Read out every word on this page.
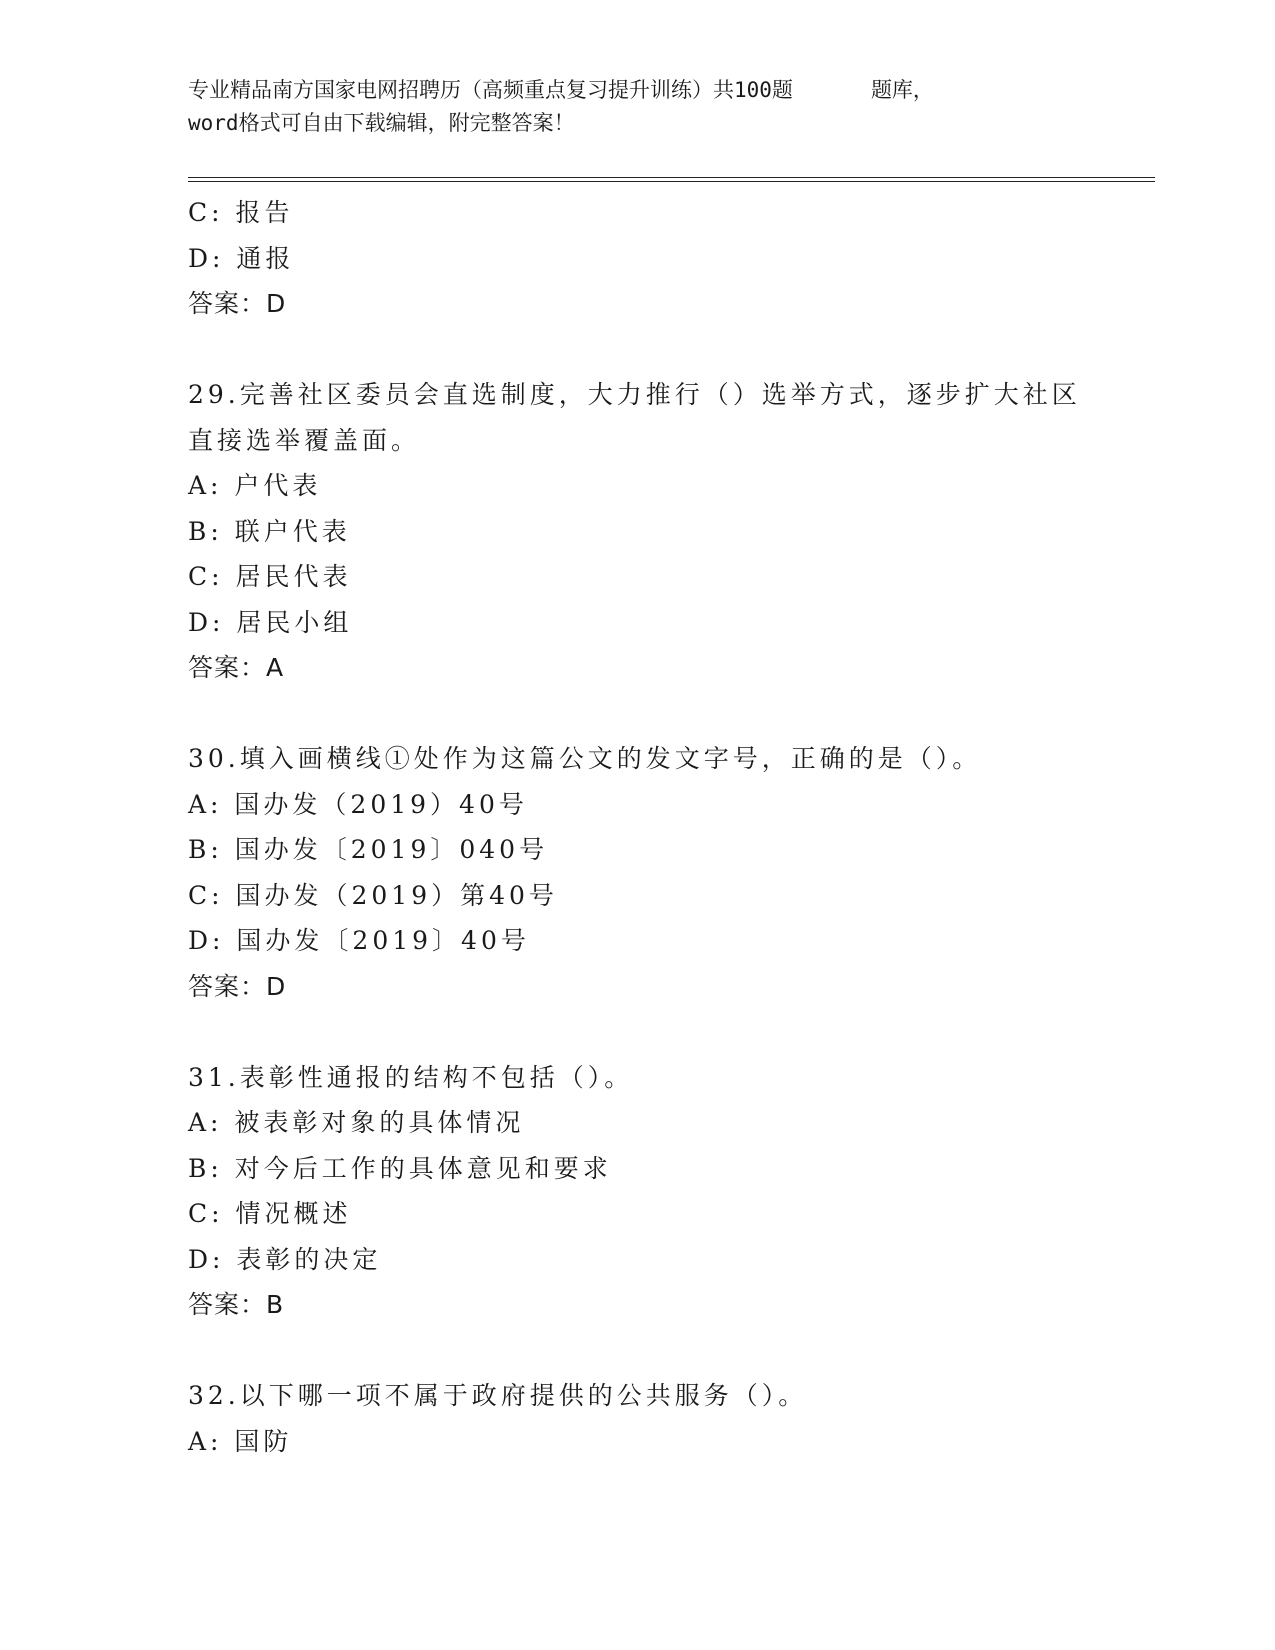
专业精品南方国家电网招聘历（高频重点复习提升训练）共100题	题库，
word格式可自由下载编辑，附完整答案！
C: 报告
D: 通报
答案：D
29.完善社区委员会直选制度，大力推行（）选举方式，逐步扩大社区
直接选举覆盖面。
A: 户代表
B: 联户代表
C: 居民代表
D: 居民小组
答案：A
30.填入画横线①处作为这篇公文的发文字号，正确的是（）。
A: 国办发（2019）40号
B: 国办发〔2019〕040号
C: 国办发（2019）第40号
D: 国办发〔2019〕40号
答案：D
31.表彰性通报的结构不包括（）。
A: 被表彰对象的具体情况
B: 对今后工作的具体意见和要求
C: 情况概述
D: 表彰的决定
答案：B
32.以下哪一项不属于政府提供的公共服务（）。
A: 国防
